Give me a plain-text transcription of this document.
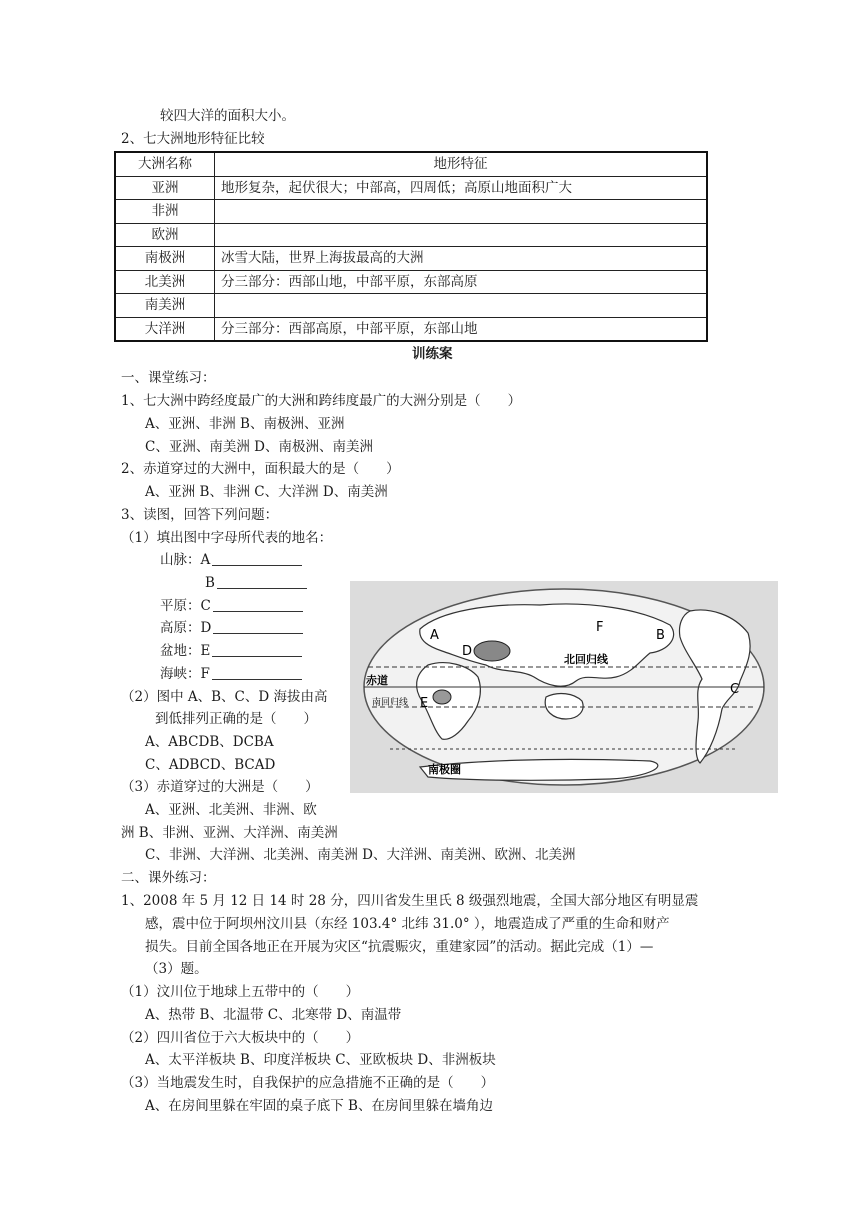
较四大洋的面积大小。
2、七大洲地形特征比较
大洲名称	地形特征
亚洲	地形复杂，起伏很大；中部高，四周低；高原山地面积广大
非洲	
欧洲	
南极洲	冰雪大陆，世界上海拔最高的大洲
北美洲	分三部分：西部山地，中部平原，东部高原
南美洲	
大洋洲	分三部分：西部高原，中部平原，东部山地
训练案
一、课堂练习：
1、七大洲中跨经度最广的大洲和跨纬度最广的大洲分别是（　　）
A、亚洲、非洲 B、南极洲、亚洲
C、亚洲、南美洲 D、南极洲、南美洲
2、赤道穿过的大洲中，面积最大的是（　　）
A、亚洲 B、非洲 C、大洋洲 D、南美洲
3、读图，回答下列问题：
（1）填出图中字母所代表的地名：
山脉：A
B
平原：C
高原：D
盆地：E
海峡：F
（2）图中 A、B、C、D 海拔由高
到低排列正确的是（　　）
A、ABCDB、DCBA
C、ADBCD、BCAD
（3）赤道穿过的大洲是（　　）
A、亚洲、北美洲、非洲、欧
洲 B、非洲、亚洲、大洋洲、南美洲
C、非洲、大洋洲、北美洲、南美洲 D、大洋洲、南美洲、欧洲、北美洲
A	B
C
D
E
F
北回归线
赤道
南回归线
南极圈
二、课外练习：
1、2008 年 5 月 12 日 14 时 28 分，四川省发生里氏 8 级强烈地震，全国大部分地区有明显震
感，震中位于阿坝州汶川县（东经 103.4° 北纬 31.0° ），地震造成了严重的生命和财产
损失。目前全国各地正在开展为灾区“抗震赈灾，重建家园”的活动。据此完成（1）—
（3）题。
（1）汶川位于地球上五带中的（　　）
A、热带 B、北温带 C、北寒带 D、南温带
（2）四川省位于六大板块中的（　　）
A、太平洋板块 B、印度洋板块 C、亚欧板块 D、非洲板块
（3）当地震发生时，自我保护的应急措施不正确的是（　　）
A、在房间里躲在牢固的桌子底下 B、在房间里躲在墙角边
